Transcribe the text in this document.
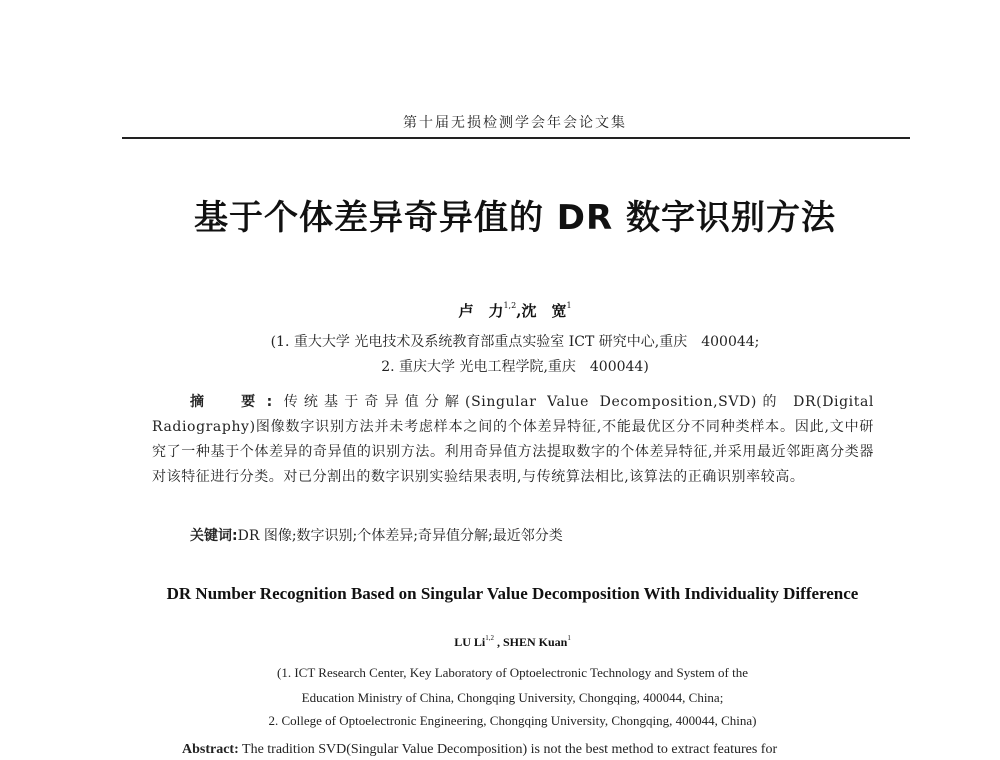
第十届无损检测学会年会论文集
基于个体差异奇异值的 DR 数字识别方法
卢　力$^{1,2}$,沈　宽$^1$
(1. 重大大学 光电技术及系统教育部重点实验室 ICT 研究中心,重庆　400044;
2. 重庆大学 光电工程学院,重庆　400044)
摘　要:传统基于奇异值分解(Singular Value Decomposition,SVD)的 DR(Digital Radiography)图像数字识别方法并未考虑样本之间的个体差异特征,不能最优区分不同种类样本。因此,文中研究了一种基于个体差异的奇异值的识别方法。利用奇异值方法提取数字的个体差异特征,并采用最近邻距离分类器对该特征进行分类。对已分割出的数字识别实验结果表明,与传统算法相比,该算法的正确识别率较高。
关键词:DR 图像;数字识别;个体差异;奇异值分解;最近邻分类
DR Number Recognition Based on Singular Value Decomposition With Individuality Difference
LU Li$^{1,2}$ , SHEN Kuan$^1$
(1. ICT Research Center, Key Laboratory of Optoelectronic Technology and System of the
Education Ministry of China, Chongqing University, Chongqing, 400044, China;
2. College of Optoelectronic Engineering, Chongqing University, Chongqing, 400044, China)
Abstract: The tradition SVD(Singular Value Decomposition) is not the best method to extract features for
